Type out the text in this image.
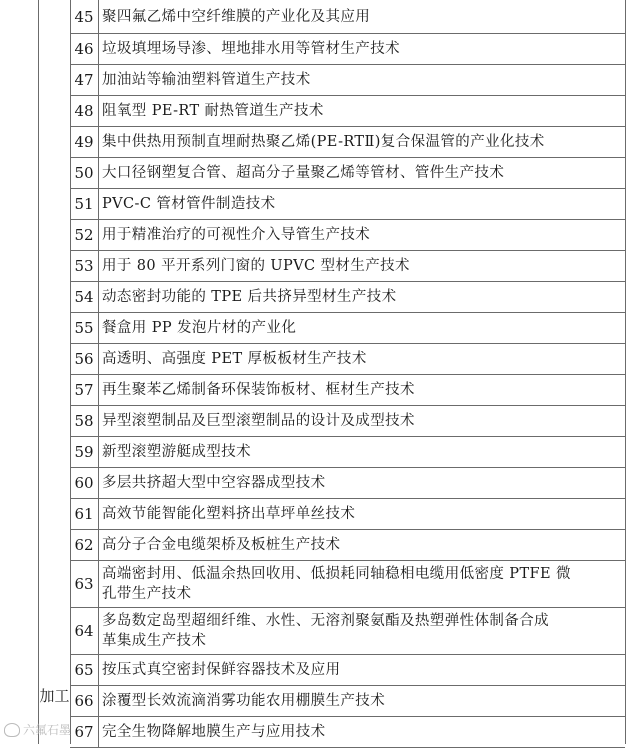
加工
45 聚四氟乙烯中空纤维膜的产业化及其应用
46 垃圾填埋场导渗、埋地排水用等管材生产技术
47 加油站等输油塑料管道生产技术
48 阻氧型 PE-RT 耐热管道生产技术
49 集中供热用预制直埋耐热聚乙烯(PE-RTⅡ)复合保温管的产业化技术
50 大口径钢塑复合管、超高分子量聚乙烯等管材、管件生产技术
51 PVC-C 管材管件制造技术
52 用于精准治疗的可视性介入导管生产技术
53 用于 80 平开系列门窗的 UPVC 型材生产技术
54 动态密封功能的 TPE 后共挤异型材生产技术
55 餐盒用 PP 发泡片材的产业化
56 高透明、高强度 PET 厚板板材生产技术
57 再生聚苯乙烯制备环保装饰板材、框材生产技术
58 异型滚塑制品及巨型滚塑制品的设计及成型技术
59 新型滚塑游艇成型技术
60 多层共挤超大型中空容器成型技术
61 高效节能智能化塑料挤出草坪单丝技术
62 高分子合金电缆架桥及板桩生产技术
63
高端密封用、低温余热回收用、低损耗同轴稳相电缆用低密度 PTFE 微
孔带生产技术
64
多岛数定岛型超细纤维、水性、无溶剂聚氨酯及热塑弹性体制备合成
革集成生产技术
65 按压式真空密封保鲜容器技术及应用
66 涂覆型长效流滴消雾功能农用棚膜生产技术
67 完全生物降解地膜生产与应用技术
六氟石墨
